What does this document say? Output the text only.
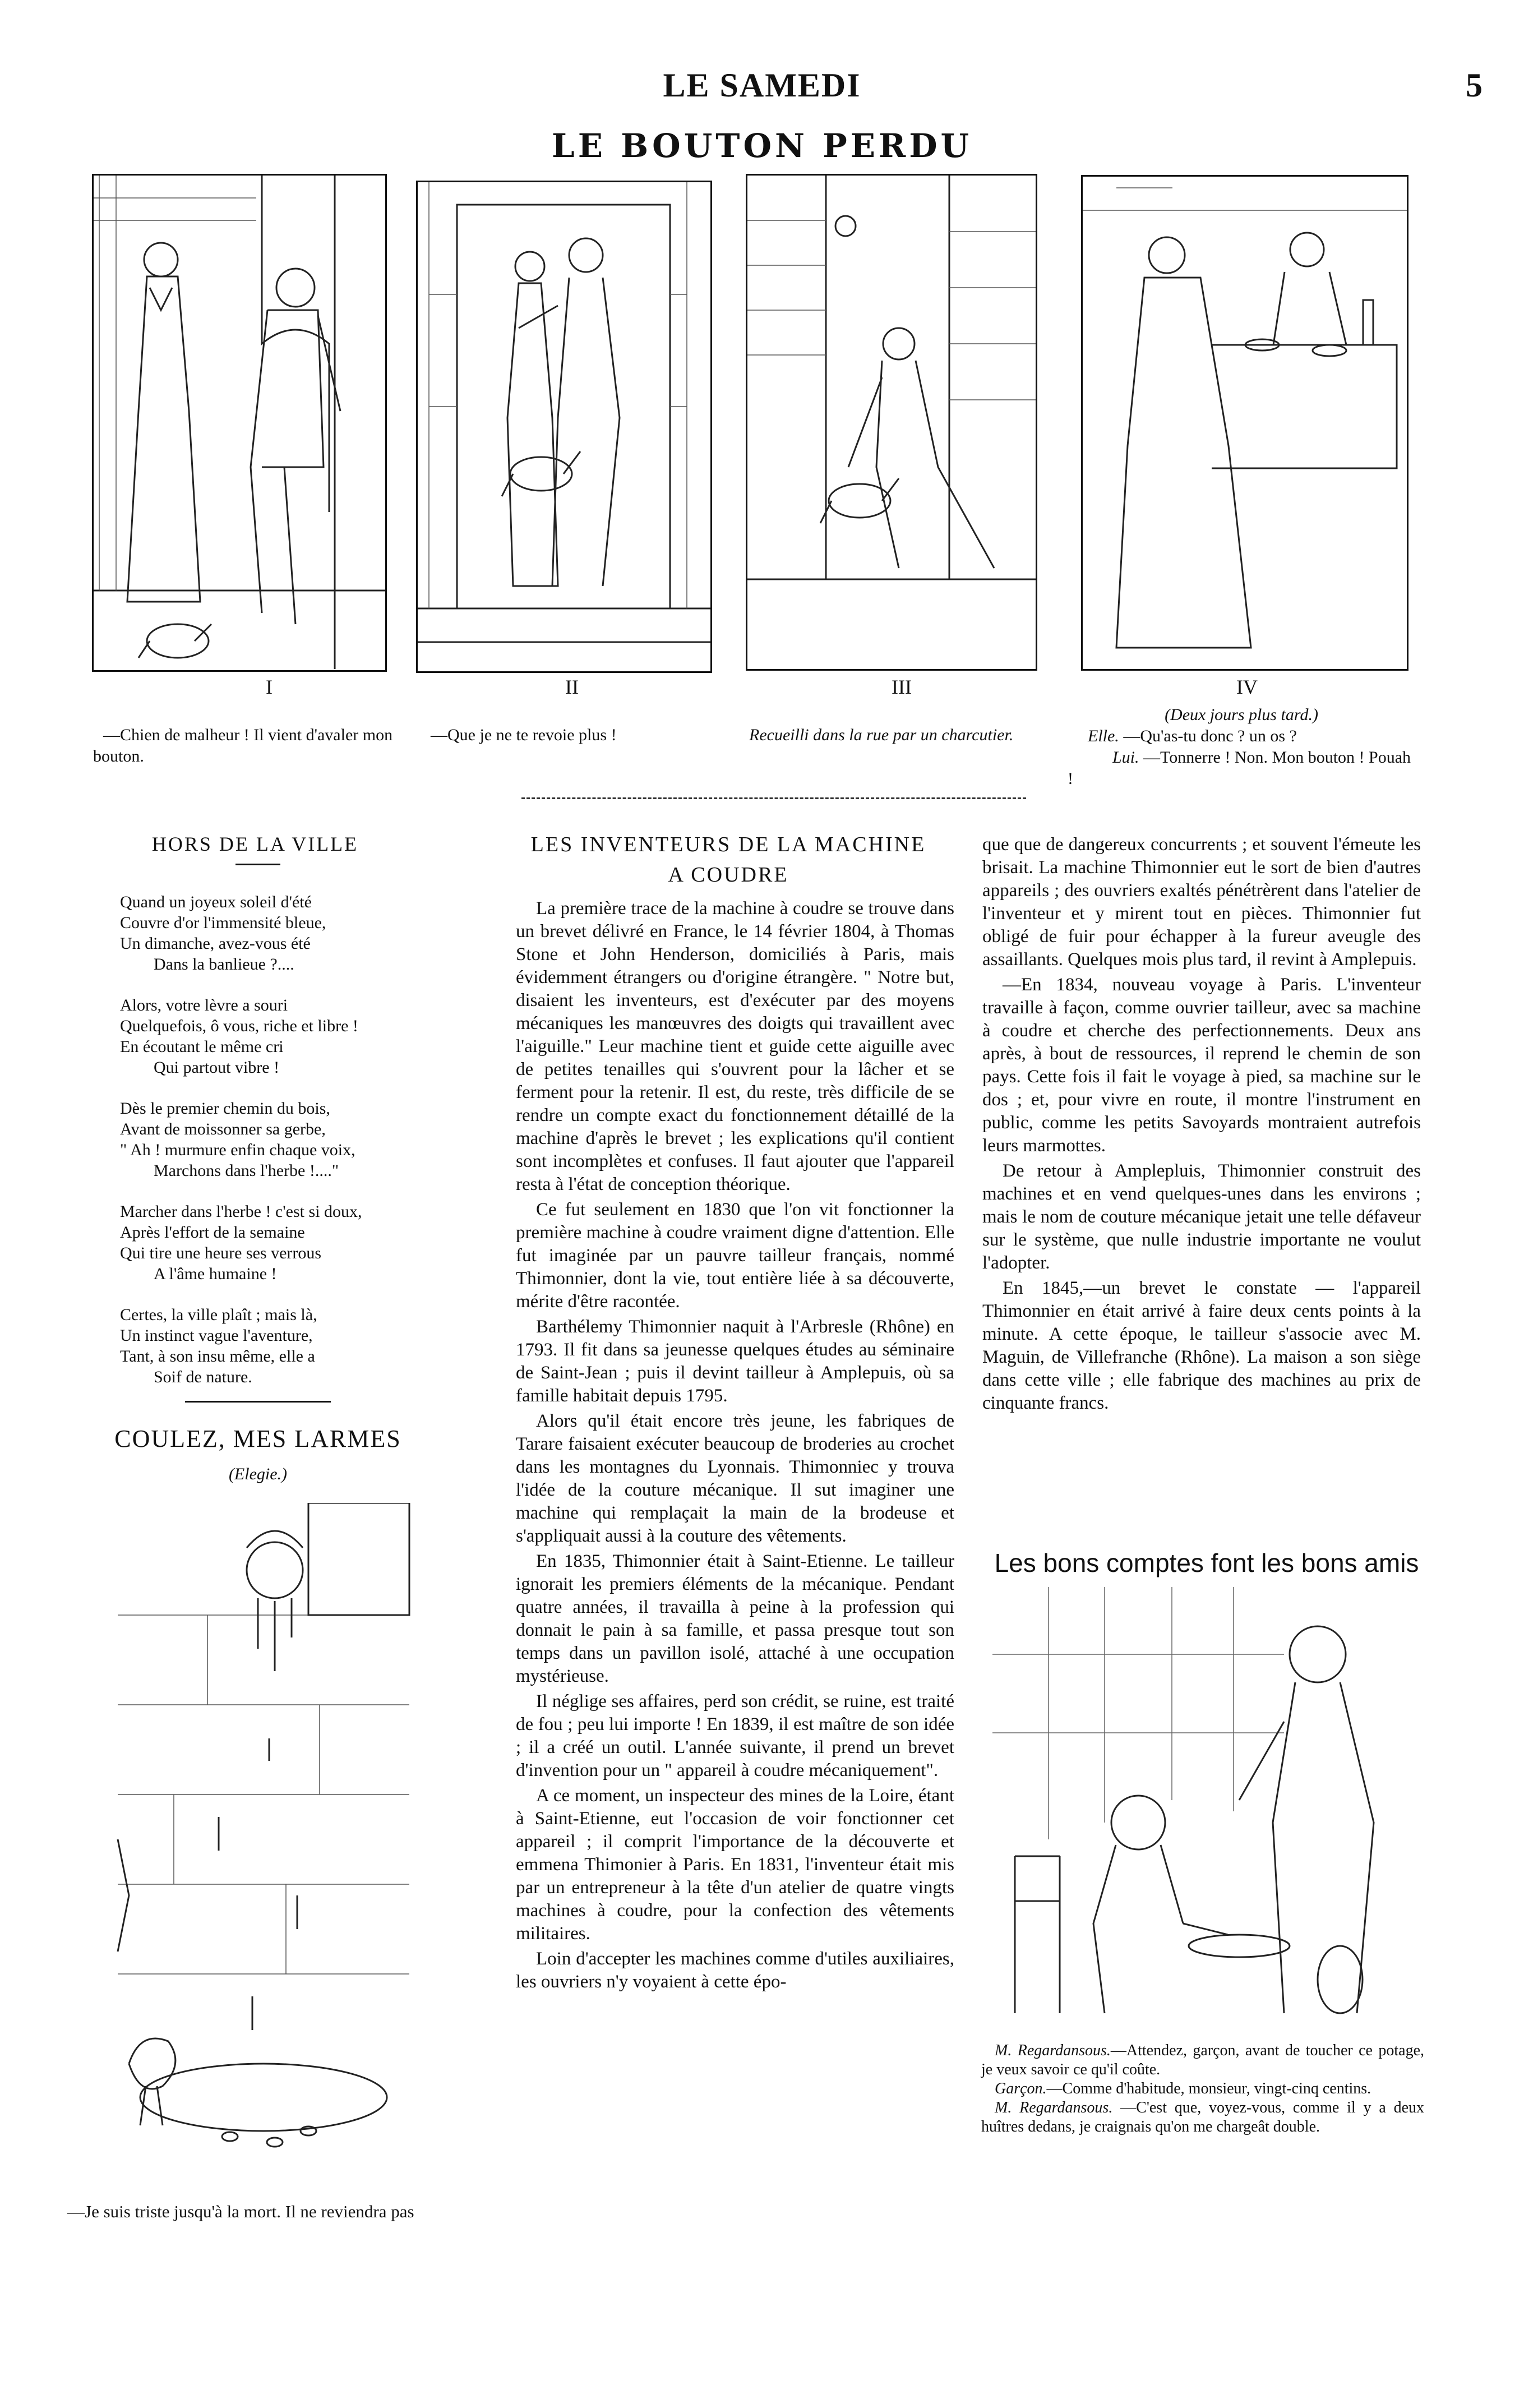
LE SAMEDI	5
LE BOUTON PERDU
I	II	III	IV
—Chien de malheur ! Il vient d'avaler mon bouton.
—Que je ne te revoie plus !	Recueilli dans la rue par un charcutier.
(Deux jours plus tard.)
Elle. —Qu'as-tu donc ? un os ?
Lui. —Tonnerre ! Non. Mon bouton ! Pouah !
HORS DE LA VILLE
Quand un joyeux soleil d'été
Couvre d'or l'immensité bleue,
Un dimanche, avez-vous été
Dans la banlieue ?....
Alors, votre lèvre a souri
Quelquefois, ô vous, riche et libre !
En écoutant le même cri
Qui partout vibre !
Dès le premier chemin du bois,
Avant de moissonner sa gerbe,
" Ah ! murmure enfin chaque voix,
Marchons dans l'herbe !...."
Marcher dans l'herbe ! c'est si doux,
Après l'effort de la semaine
Qui tire une heure ses verrous
A l'âme humaine !
Certes, la ville plaît ; mais là,
Un instinct vague l'aventure,
Tant, à son insu même, elle a
Soif de nature.
COULEZ, MES LARMES
(Elegie.)
—Je suis triste jusqu'à la mort. Il ne reviendra pas
LES INVENTEURS DE LA MACHINE
A COUDRE

La première trace de la machine à coudre se trouve dans un brevet délivré en France, le 14 février 1804, à Thomas Stone et John Henderson, domiciliés à Paris, mais évidemment étrangers ou d'origine étrangère. " Notre but, disaient les inventeurs, est d'exécuter par des moyens mécaniques les manœuvres des doigts qui travaillent avec l'aiguille." Leur machine tient et guide cette aiguille avec de petites tenailles qui s'ouvrent pour la lâcher et se ferment pour la retenir. Il est, du reste, très difficile de se rendre un compte exact du fonctionnement détaillé de la machine d'après le brevet ; les explications qu'il contient sont incomplètes et confuses. Il faut ajouter que l'appareil resta à l'état de conception théorique.

Ce fut seulement en 1830 que l'on vit fonctionner la première machine à coudre vraiment digne d'attention. Elle fut imaginée par un pauvre tailleur français, nommé Thimonnier, dont la vie, tout entière liée à sa découverte, mérite d'être racontée.

Barthélemy Thimonnier naquit à l'Arbresle (Rhône) en 1793. Il fit dans sa jeunesse quelques études au séminaire de Saint-Jean ; puis il devint tailleur à Amplepuis, où sa famille habitait depuis 1795.

Alors qu'il était encore très jeune, les fabriques de Tarare faisaient exécuter beaucoup de broderies au crochet dans les montagnes du Lyonnais. Thimonniec y trouva l'idée de la couture mécanique. Il sut imaginer une machine qui remplaçait la main de la brodeuse et s'appliquait aussi à la couture des vêtements.

En 1835, Thimonnier était à Saint-Etienne. Le tailleur ignorait les premiers éléments de la mécanique. Pendant quatre années, il travailla à peine à la profession qui donnait le pain à sa famille, et passa presque tout son temps dans un pavillon isolé, attaché à une occupation mystérieuse.

Il néglige ses affaires, perd son crédit, se ruine, est traité de fou ; peu lui importe ! En 1839, il est maître de son idée ; il a créé un outil. L'année suivante, il prend un brevet d'invention pour un " appareil à coudre mécaniquement".

A ce moment, un inspecteur des mines de la Loire, étant à Saint-Etienne, eut l'occasion de voir fonctionner cet appareil ; il comprit l'importance de la découverte et emmena Thimonier à Paris. En 1831, l'inventeur était mis par un entrepreneur à la tête d'un atelier de quatre vingts machines à coudre, pour la confection des vêtements militaires.

Loin d'accepter les machines comme d'utiles auxiliaires, les ouvriers n'y voyaient à cette épo-

que que de dangereux concurrents ; et souvent l'émeute les brisait. La machine Thimonnier eut le sort de bien d'autres appareils ; des ouvriers exaltés pénétrèrent dans l'atelier de l'inventeur et y mirent tout en pièces. Thimonnier fut obligé de fuir pour échapper à la fureur aveugle des assaillants. Quelques mois plus tard, il revint à Amplepuis.

—En 1834, nouveau voyage à Paris. L'inventeur travaille à façon, comme ouvrier tailleur, avec sa machine à coudre et cherche des perfectionnements. Deux ans après, à bout de ressources, il reprend le chemin de son pays. Cette fois il fait le voyage à pied, sa machine sur le dos ; et, pour vivre en route, il montre l'instrument en public, comme les petits Savoyards montraient autrefois leurs marmottes.

De retour à Amplepluis, Thimonnier construit des machines et en vend quelques-unes dans les environs ; mais le nom de couture mécanique jetait une telle défaveur sur le système, que nulle industrie importante ne voulut l'adopter.

En 1845,—un brevet le constate — l'appareil Thimonnier en était arrivé à faire deux cents points à la minute. A cette époque, le tailleur s'associe avec M. Maguin, de Villefranche (Rhône). La maison a son siège dans cette ville ; elle fabrique des machines au prix de cinquante francs.

Les bons comptes font les bons amis
M. Regardansous.—Attendez, garçon, avant de toucher ce potage, je veux savoir ce qu'il coûte.
Garçon.—Comme d'habitude, monsieur, vingt-cinq centins.
M. Regardansous. —C'est que, voyez-vous, comme il y a deux huîtres dedans, je craignais qu'on me chargeât double.
